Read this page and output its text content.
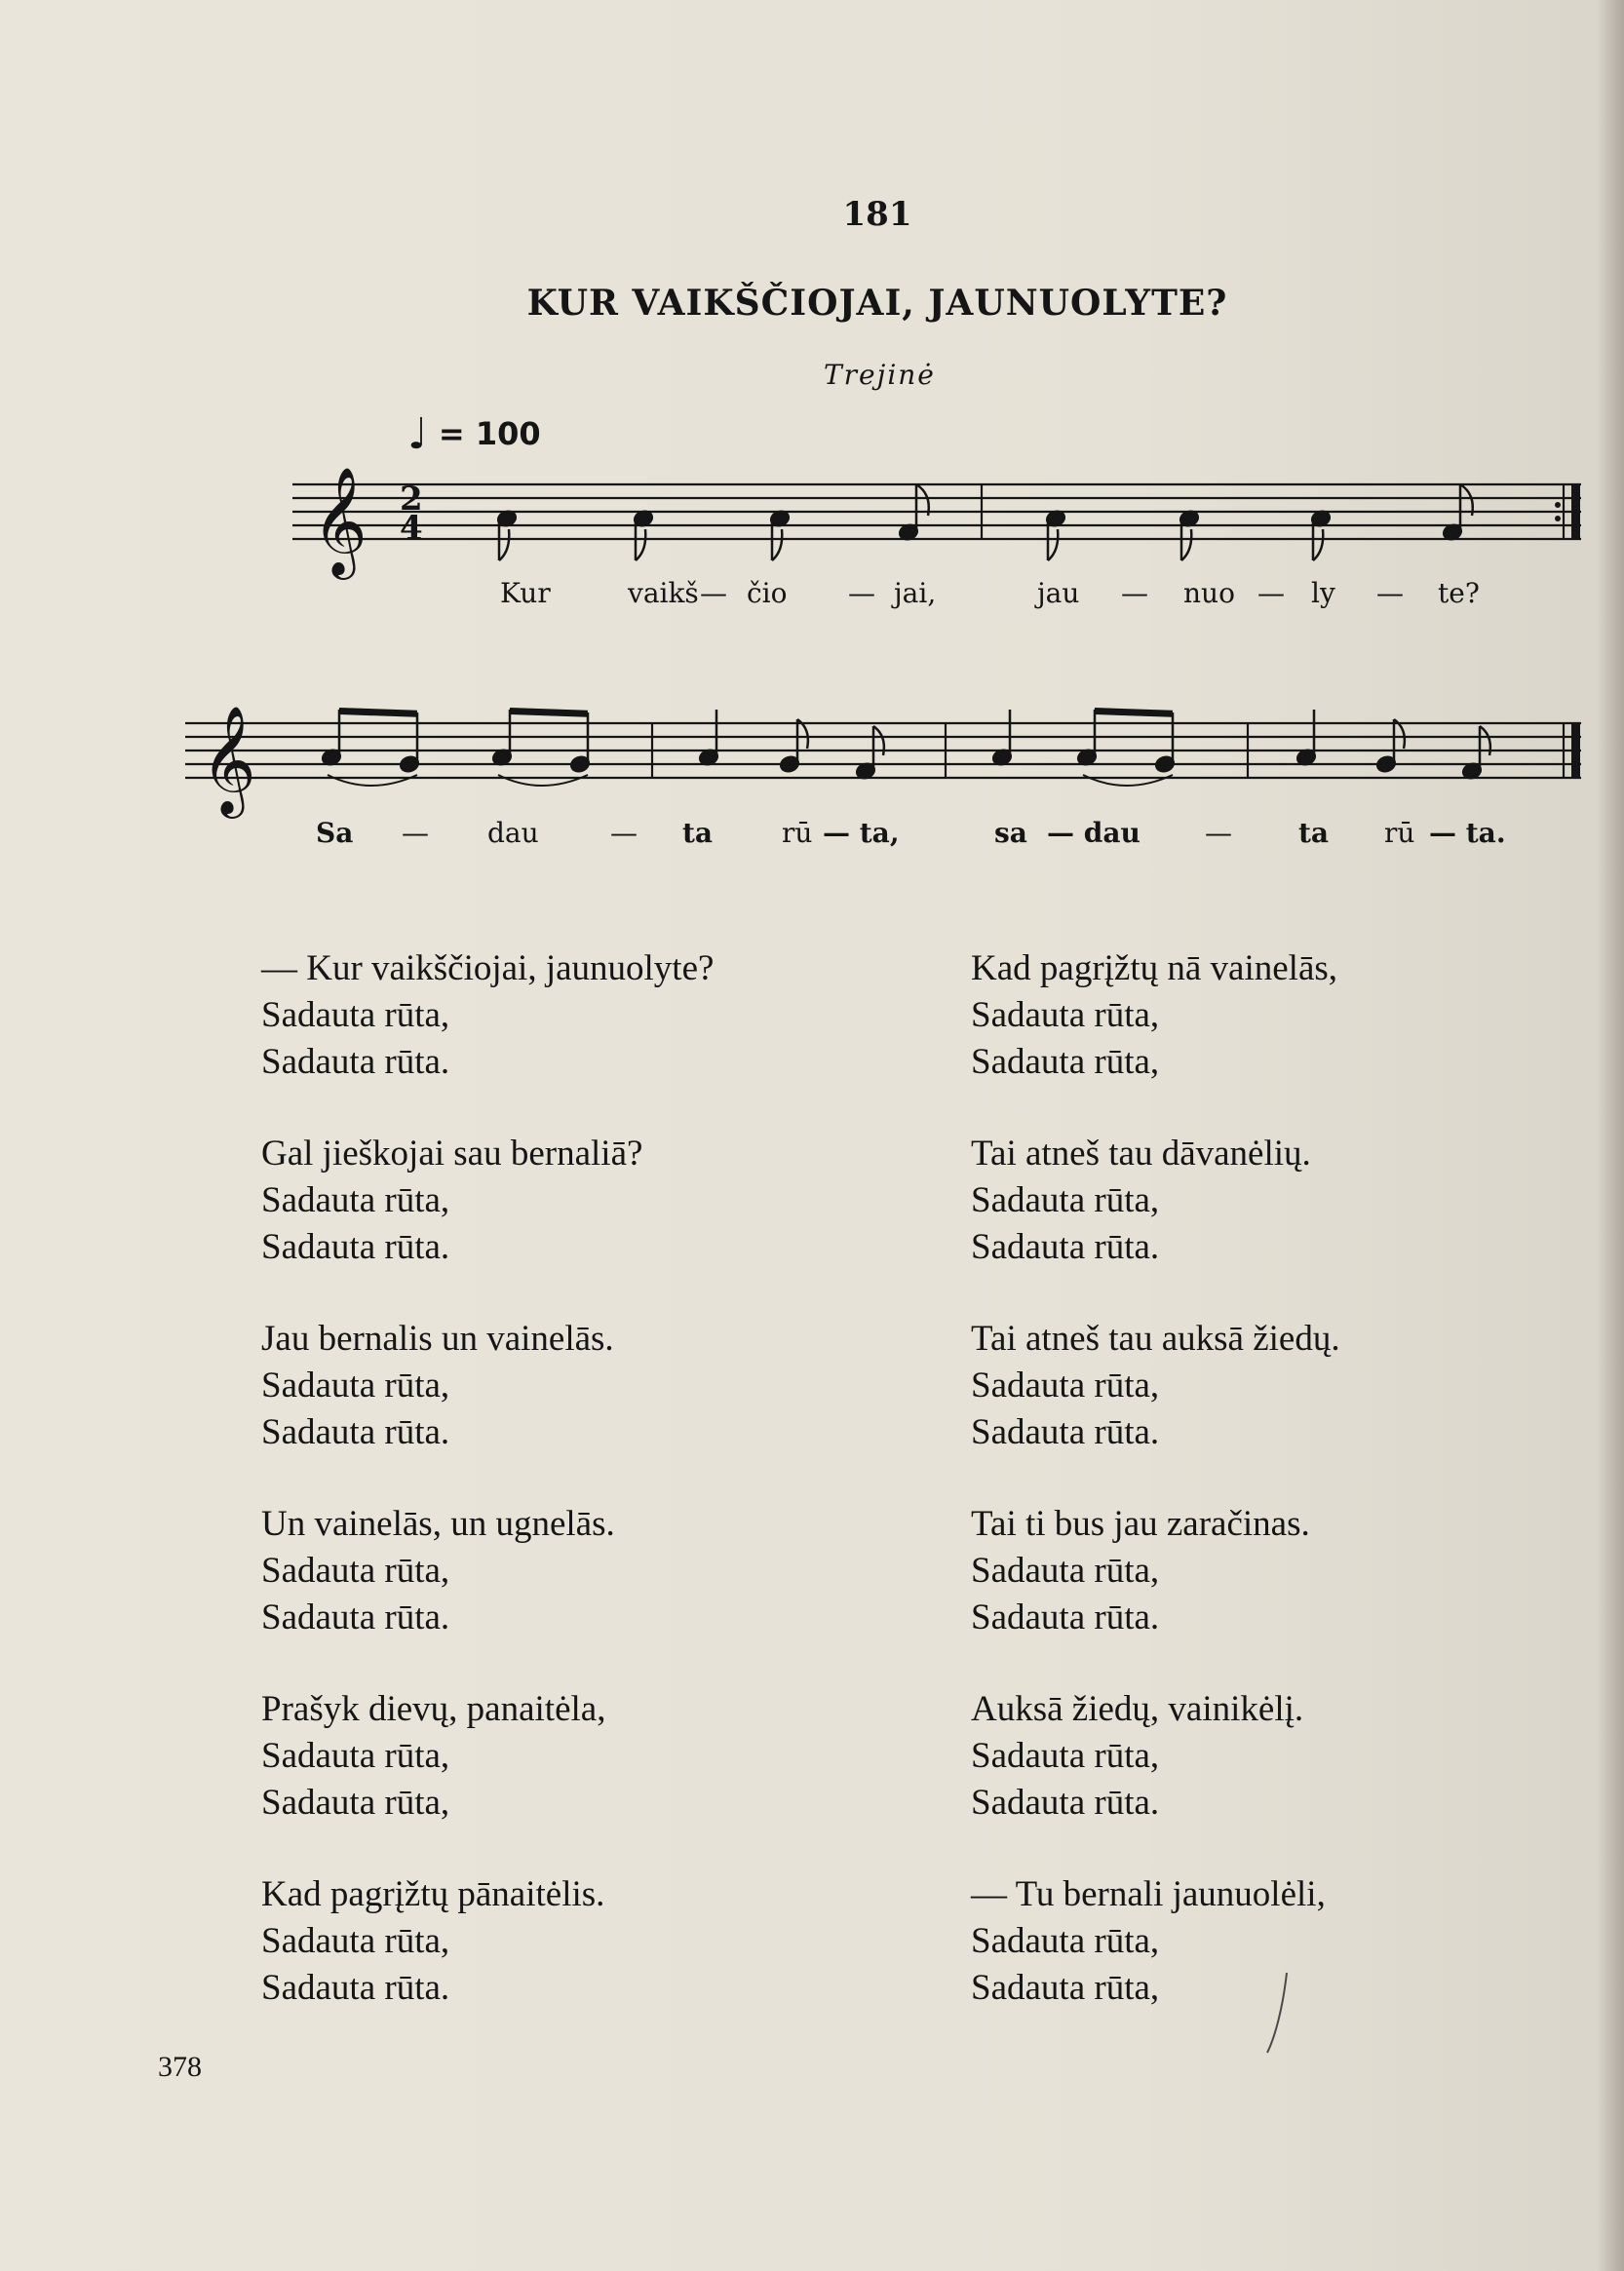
181
KUR VAIKŠČIOJAI, JAUNUOLYTE?
Trejinė
♩ = 100
𝄞
𝄞
2
4
Kur	vaikš — čio — jai,	jau — nuo — ly — te?
Sa — dau	— ta	rū — ta,	sa — dau — ta rū — ta.
— Kur vaikščiojai, jaunuolyte?
Sadauta rūta,
Sadauta rūta.
Gal jieškojai sau bernaliā?
Sadauta rūta,
Sadauta rūta.
Jau bernalis un vainelās.
Sadauta rūta,
Sadauta rūta.
Un vainelās, un ugnelās.
Sadauta rūta,
Sadauta rūta.
Prašyk dievų, panaitėla,
Sadauta rūta,
Sadauta rūta,
Kad pagrįžtų pānaitėlis.
Sadauta rūta,
Sadauta rūta.
Kad pagrįžtų nā vainelās,
Sadauta rūta,
Sadauta rūta,
Tai atneš tau dāvanėlių.
Sadauta rūta,
Sadauta rūta.
Tai atneš tau auksā žiedų.
Sadauta rūta,
Sadauta rūta.
Tai ti bus jau zaračinas.
Sadauta rūta,
Sadauta rūta.
Auksā žiedų, vainikėlį.
Sadauta rūta,
Sadauta rūta.
— Tu bernali jaunuolėli,
Sadauta rūta,
Sadauta rūta,
378
